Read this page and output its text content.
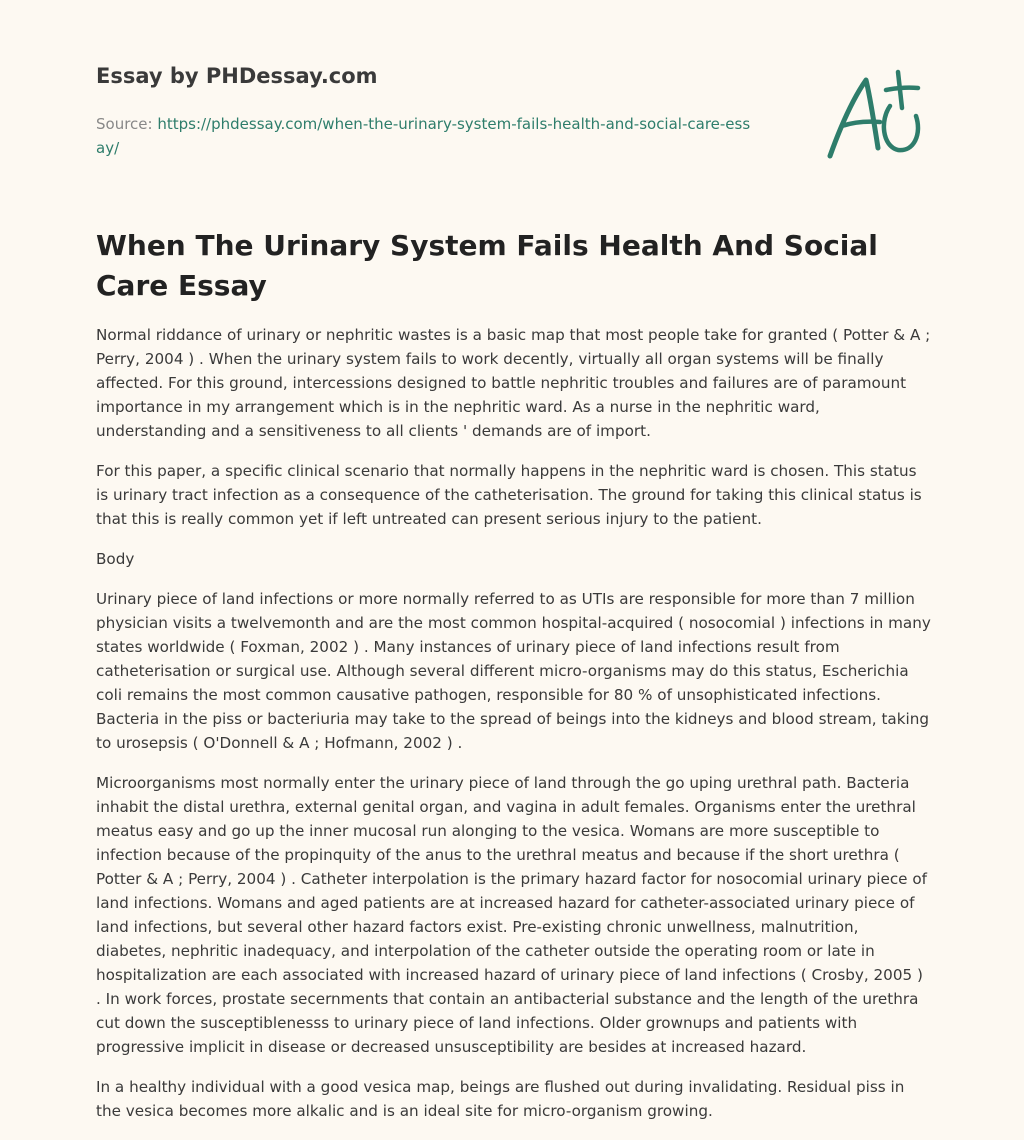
Essay by PHDessay.com
Source: https://phdessay.com/when-the-urinary-system-fails-health-and-social-care-essay/
When The Urinary System Fails Health And Social Care Essay

Normal riddance of urinary or nephritic wastes is a basic map that most people take for granted ( Potter & A ; Perry, 2004 ) . When the urinary system fails to work decently, virtually all organ systems will be finally affected. For this ground, intercessions designed to battle nephritic troubles and failures are of paramount importance in my arrangement which is in the nephritic ward. As a nurse in the nephritic ward, understanding and a sensitiveness to all clients ' demands are of import.

For this paper, a specific clinical scenario that normally happens in the nephritic ward is chosen. This status is urinary tract infection as a consequence of the catheterisation. The ground for taking this clinical status is that this is really common yet if left untreated can present serious injury to the patient.

Body

Urinary piece of land infections or more normally referred to as UTIs are responsible for more than 7 million physician visits a twelvemonth and are the most common hospital-acquired ( nosocomial ) infections in many states worldwide ( Foxman, 2002 ) . Many instances of urinary piece of land infections result from catheterisation or surgical use. Although several different micro-organisms may do this status, Escherichia coli remains the most common causative pathogen, responsible for 80 % of unsophisticated infections. Bacteria in the piss or bacteriuria may take to the spread of beings into the kidneys and blood stream, taking to urosepsis ( O'Donnell & A ; Hofmann, 2002 ) .

Microorganisms most normally enter the urinary piece of land through the go uping urethral path. Bacteria inhabit the distal urethra, external genital organ, and vagina in adult females. Organisms enter the urethral meatus easy and go up the inner mucosal run alonging to the vesica. Womans are more susceptible to infection because of the propinquity of the anus to the urethral meatus and because if the short urethra ( Potter & A ; Perry, 2004 ) . Catheter interpolation is the primary hazard factor for nosocomial urinary piece of land infections. Womans and aged patients are at increased hazard for catheter-associated urinary piece of land infections, but several other hazard factors exist. Pre-existing chronic unwellness, malnutrition, diabetes, nephritic inadequacy, and interpolation of the catheter outside the operating room or late in hospitalization are each associated with increased hazard of urinary piece of land infections ( Crosby, 2005 ) . In work forces, prostate secernments that contain an antibacterial substance and the length of the urethra cut down the susceptiblenesss to urinary piece of land infections. Older grownups and patients with progressive implicit in disease or decreased unsusceptibility are besides at increased hazard.

In a healthy individual with a good vesica map, beings are flushed out during invalidating. Residual piss in the vesica becomes more alkalic and is an ideal site for micro-organism growing.
